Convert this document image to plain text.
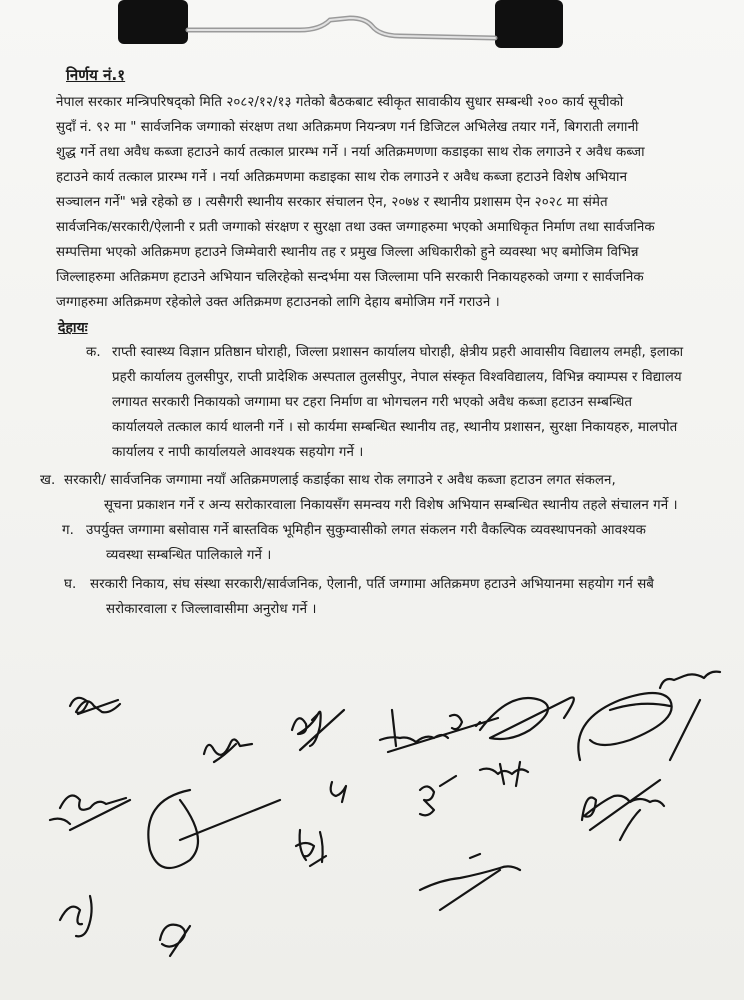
निर्णय नं.१
नेपाल सरकार मन्त्रिपरिषद्को मिति २०८२/१२/१३ गतेको बैठकबाट स्वीकृत सावाकीय सुधार सम्बन्धी २०० कार्य सूचीको
सुदाँ नं. ९२ मा " सार्वजनिक जग्गाको संरक्षण तथा अतिक्रमण नियन्त्रण गर्न डिजिटल अभिलेख तयार गर्ने, बिगराती लगानी
शुद्ध गर्ने तथा अवैध कब्जा हटाउने कार्य तत्काल प्रारम्भ गर्ने । नर्या अतिक्रमणणा कडाइका साथ रोक लगाउने र अवैध कब्जा
हटाउने कार्य तत्काल प्रारम्भ गर्ने । नर्या अतिक्रमणमा कडाइका साथ रोक लगाउने र अवैध कब्जा हटाउने विशेष अभियान
सञ्चालन गर्ने" भन्ने रहेको छ । त्यसैगरी स्थानीय सरकार संचालन ऐन, २०७४ र स्थानीय प्रशासम ऐन २०२८ मा संमेत
सार्वजनिक/सरकारी/ऐलानी र प्रती जग्गाको संरक्षण र सुरक्षा तथा उक्त जग्गाहरुमा भएको अमाधिकृत निर्माण तथा सार्वजनिक
सम्पत्तिमा भएको अतिक्रमण हटाउने जिम्मेवारी स्थानीय तह र प्रमुख जिल्ला अधिकारीको हुने व्यवस्था भए बमोजिम विभिन्न
जिल्लाहरुमा अतिक्रमण हटाउने अभियान चलिरहेको सन्दर्भमा यस जिल्लामा पनि सरकारी निकायहरुको जग्गा र सार्वजनिक
जग्गाहरुमा अतिक्रमण रहेकोले उक्त अतिक्रमण हटाउनको लागि देहाय बमोजिम गर्ने गराउने ।
देहायः
क. राप्ती स्वास्थ्य विज्ञान प्रतिष्ठान घोराही, जिल्ला प्रशासन कार्यालय घोराही, क्षेत्रीय प्रहरी आवासीय विद्यालय लमही, इलाका
प्रहरी कार्यालय तुलसीपुर, राप्ती प्रादेशिक अस्पताल तुलसीपुर, नेपाल संस्कृत विश्वविद्यालय, विभिन्न क्याम्पस र विद्यालय
लगायत सरकारी निकायको जग्गामा घर टहरा निर्माण वा भोगचलन गरी भएको अवैध कब्जा हटाउन सम्बन्धित
कार्यालयले तत्काल कार्य थालनी गर्ने । सो कार्यमा सम्बन्धित स्थानीय तह, स्थानीय प्रशासन, सुरक्षा निकायहरु, मालपोत
कार्यालय र नापी कार्यालयले आवश्यक सहयोग गर्ने ।
ख. सरकारी/ सार्वजनिक जग्गामा नयाँ अतिक्रमणलाई कडाईका साथ रोक लगाउने र अवैध कब्जा हटाउन लगत संकलन,
सूचना प्रकाशन गर्ने र अन्य सरोकारवाला निकायसँग समन्वय गरी विशेष अभियान सम्बन्धित स्थानीय तहले संचालन गर्ने ।
ग. उपर्युक्त जग्गामा बसोवास गर्ने बास्तविक भूमिहीन सुकुम्वासीको लगत संकलन गरी वैकल्पिक व्यवस्थापनको आवश्यक
व्यवस्था सम्बन्धित पालिकाले गर्ने ।
घ. सरकारी निकाय, संघ संस्था सरकारी/सार्वजनिक, ऐलानी, पर्ति जग्गामा अतिक्रमण हटाउने अभियानमा सहयोग गर्न सबै
सरोकारवाला र जिल्लावासीमा अनुरोध गर्ने ।
